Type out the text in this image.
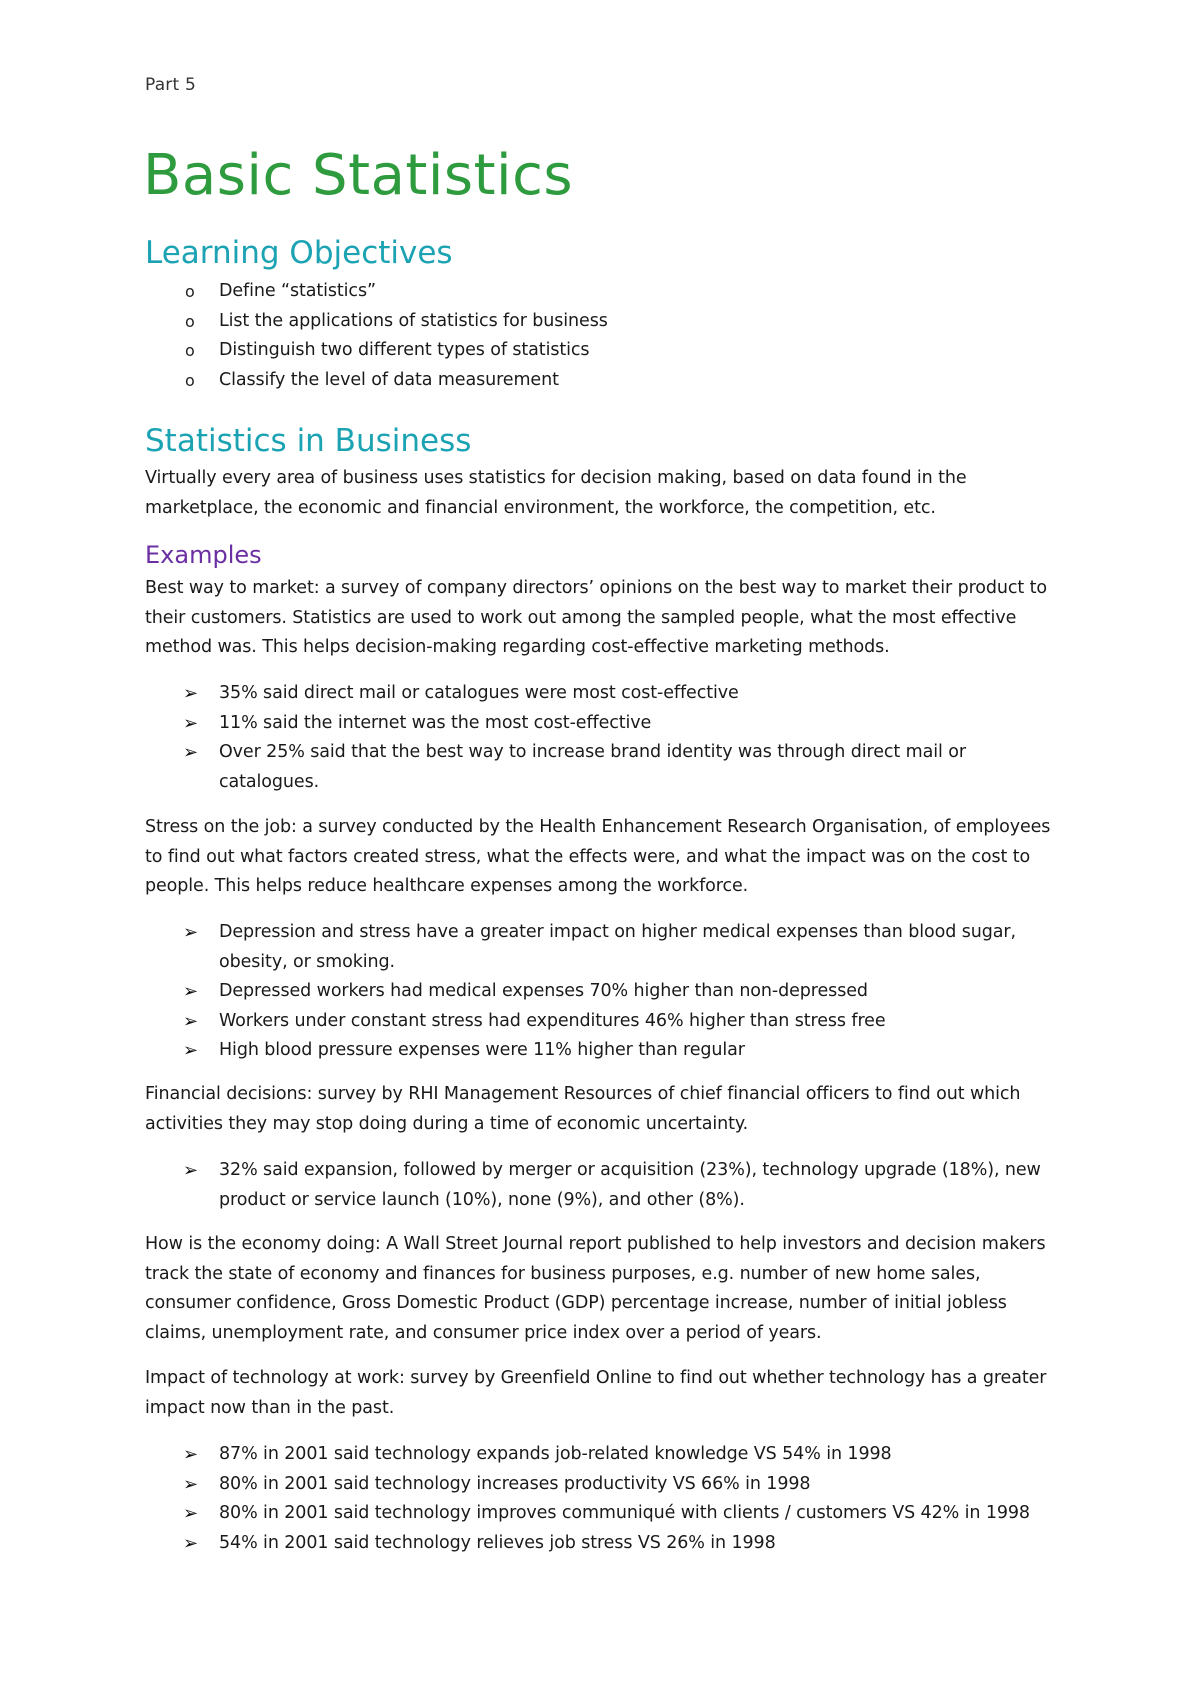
Part 5
Basic Statistics
Learning Objectives
o Define “statistics”
o List the applications of statistics for business
o Distinguish two different types of statistics
o Classify the level of data measurement
Statistics in Business

Virtually every area of business uses statistics for decision making, based on data found in the marketplace, the economic and financial environment, the workforce, the competition, etc.

Examples

Best way to market: a survey of company directors’ opinions on the best way to market their product to their customers. Statistics are used to work out among the sampled people, what the most effective method was. This helps decision-making regarding cost-effective marketing methods.

➢ 35% said direct mail or catalogues were most cost-effective
➢ 11% said the internet was the most cost-effective
➢ Over 25% said that the best way to increase brand identity was through direct mail or catalogues.

Stress on the job: a survey conducted by the Health Enhancement Research Organisation, of employees to find out what factors created stress, what the effects were, and what the impact was on the cost to people. This helps reduce healthcare expenses among the workforce.

➢ Depression and stress have a greater impact on higher medical expenses than blood sugar, obesity, or smoking.
➢ Depressed workers had medical expenses 70% higher than non-depressed
➢ Workers under constant stress had expenditures 46% higher than stress free
➢ High blood pressure expenses were 11% higher than regular

Financial decisions: survey by RHI Management Resources of chief financial officers to find out which activities they may stop doing during a time of economic uncertainty.

➢ 32% said expansion, followed by merger or acquisition (23%), technology upgrade (18%), new product or service launch (10%), none (9%), and other (8%).

How is the economy doing: A Wall Street Journal report published to help investors and decision makers track the state of economy and finances for business purposes, e.g. number of new home sales, consumer confidence, Gross Domestic Product (GDP) percentage increase, number of initial jobless claims, unemployment rate, and consumer price index over a period of years.

Impact of technology at work: survey by Greenfield Online to find out whether technology has a greater impact now than in the past.

➢ 87% in 2001 said technology expands job-related knowledge VS 54% in 1998
➢ 80% in 2001 said technology increases productivity VS 66% in 1998
➢ 80% in 2001 said technology improves communiqué with clients / customers VS 42% in 1998
➢ 54% in 2001 said technology relieves job stress VS 26% in 1998
